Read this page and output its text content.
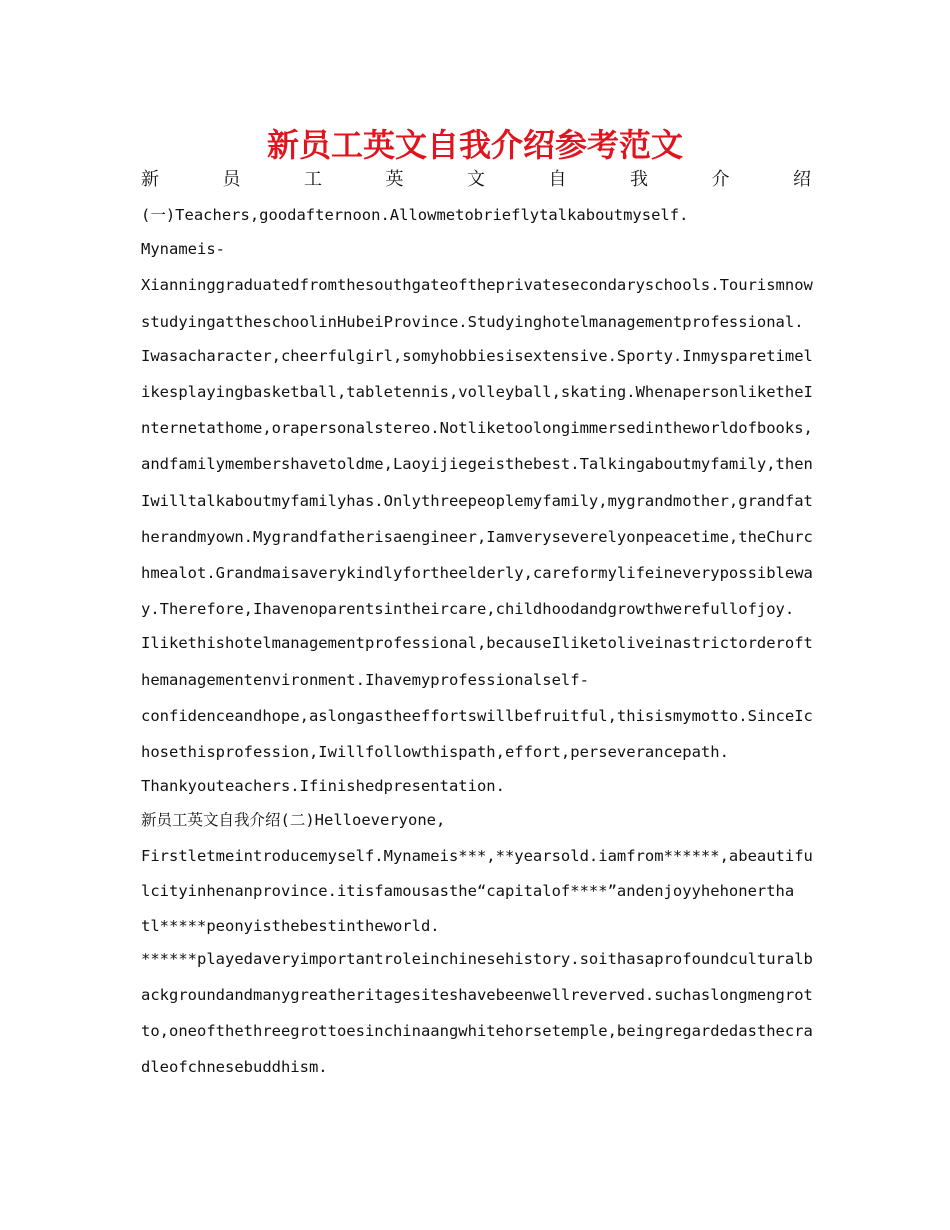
新员工英文自我介绍参考范文
新	员	工	英	文	自	我	介	绍
(一)Teachers,goodafternoon.Allowmetobrieflytalkaboutmyself.
Mynameis-
Xianninggraduatedfromthesouthgateoftheprivatesecondaryschools.Tourismnow
studyingattheschoolinHubeiProvince.Studyinghotelmanagementprofessional.
Iwasacharacter,cheerfulgirl,somyhobbiesisextensive.Sporty.Inmysparetimel
ikesplayingbasketball,tabletennis,volleyball,skating.WhenapersonliketheI
nternetathome,orapersonalstereo.Notliketoolongimmersedintheworldofbooks,
andfamilymembershavetoldme,Laoyijiegeisthebest.Talkingaboutmyfamily,then
Iwilltalkaboutmyfamilyhas.Onlythreepeoplemyfamily,mygrandmother,grandfat
herandmyown.Mygrandfatherisaengineer,Iamveryseverelyonpeacetime,theChurc
hmealot.Grandmaisaverykindlyfortheelderly,careformylifeineverypossiblewa
y.Therefore,Ihavenoparentsintheircare,childhoodandgrowthwerefullofjoy.
Ilikethishotelmanagementprofessional,becauseIliketoliveinastrictorderoft
hemanagementenvironment.Ihavemyprofessionalself-
confidenceandhope,aslongastheeffortswillbefruitful,thisismymotto.SinceIc
hosethisprofession,Iwillfollowthispath,effort,perseverancepath.
Thankyouteachers.Ifinishedpresentation.
新员工英文自我介绍(二)Helloeveryone,
Firstletmeintroducemyself.Mynameis***,**yearsold.iamfrom******,abeautifu
lcityinhenanprovince.itisfamousasthe“capitalof****”andenjoyyhehonertha
tl*****peonyisthebestintheworld.
******playedaveryimportantroleinchinesehistory.soithasaprofoundculturalb
ackgroundandmanygreatheritagesiteshavebeenwellreverved.suchaslongmengrot
to,oneofthethreegrottoesinchinaangwhitehorsetemple,beingregardedasthecra
dleofchnesebuddhism.
